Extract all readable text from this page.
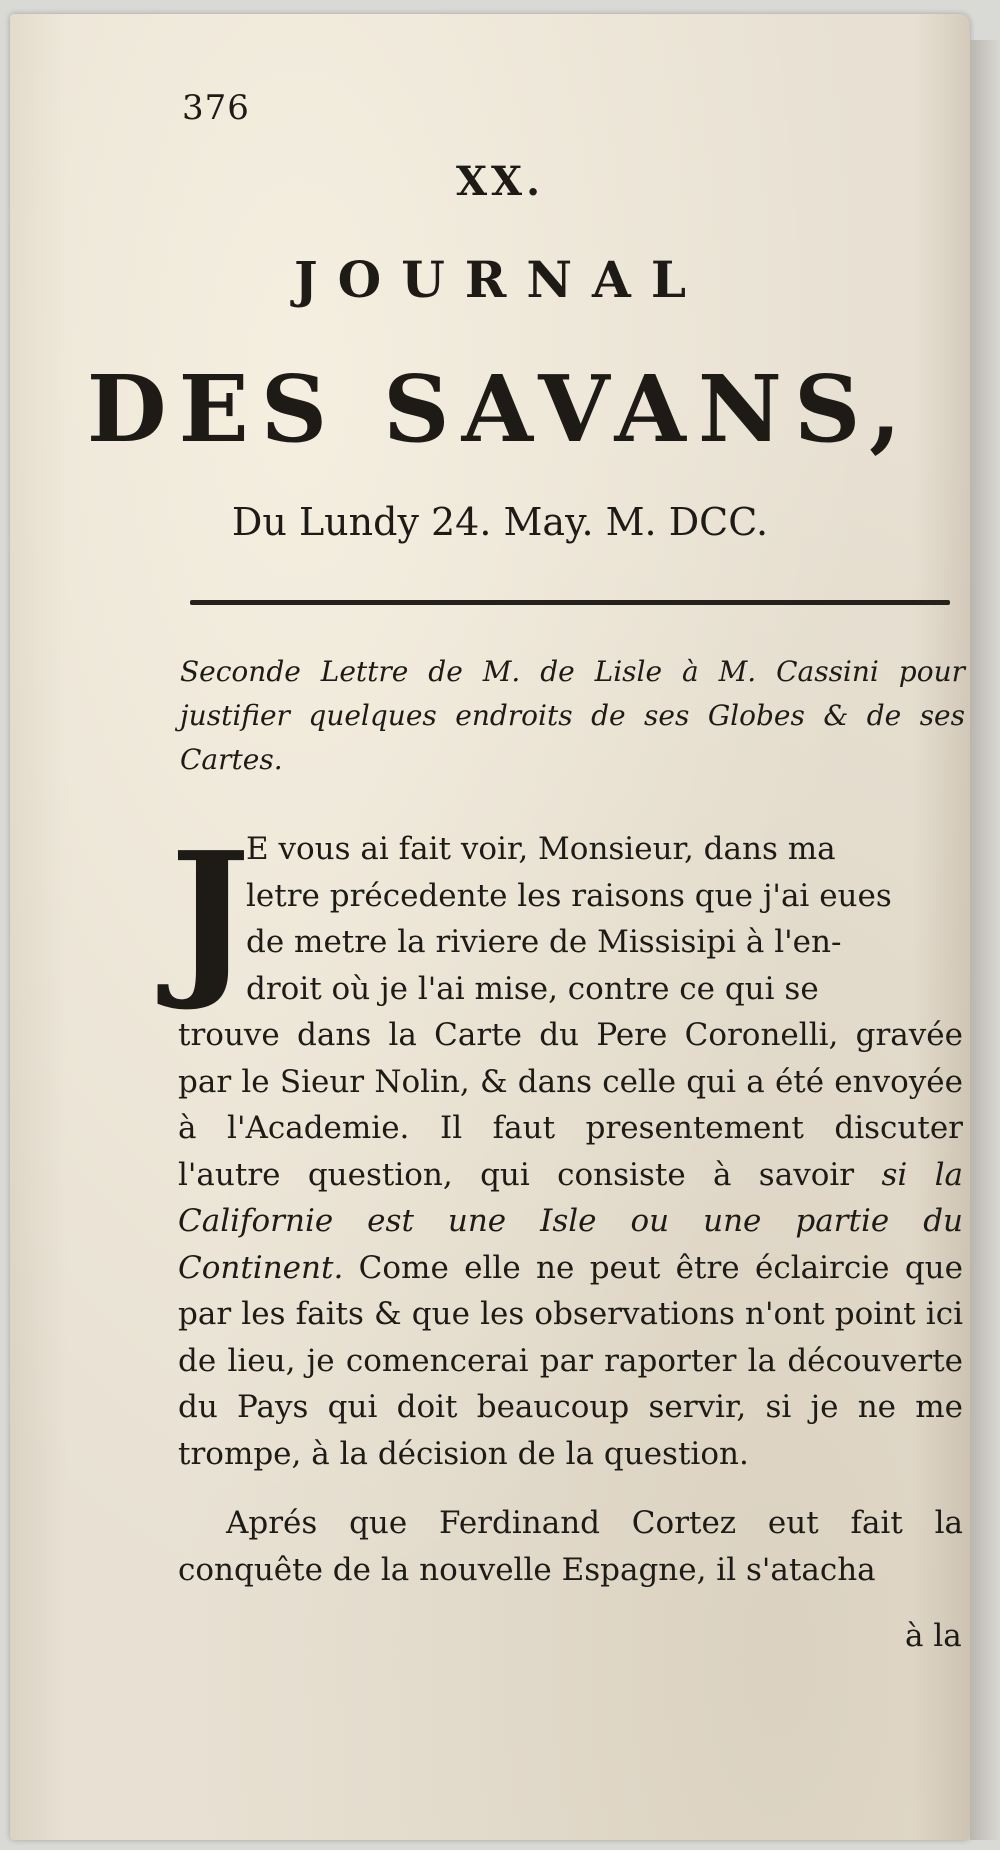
376
XX.
JOURNAL
DES SAVANS,
Du Lundy 24. May. M. DCC.
Seconde Lettre de M. de Lisle à M. Cassini pour justifier quelques endroits de ses Globes & de ses Cartes.
J
E vous ai fait voir, Monsieur, dans ma
letre précedente les raisons que j'ai eues
de metre la riviere de Missisipi à l'en-
droit où je l'ai mise, contre ce qui se
trouve dans la Carte du Pere Coronelli, gravée par le Sieur Nolin, & dans celle qui a été envoyée à l'Academie. Il faut presentement discuter l'autre question, qui consiste à savoir si la Californie est une Isle ou une partie du Continent. Come elle ne peut être éclaircie que par les faits & que les observations n'ont point ici de lieu, je comencerai par raporter la découverte du Pays qui doit beaucoup servir, si je ne me trompe, à la décision de la question.
Aprés que Ferdinand Cortez eut fait la conquête de la nouvelle Espagne, il s'atacha
à la
